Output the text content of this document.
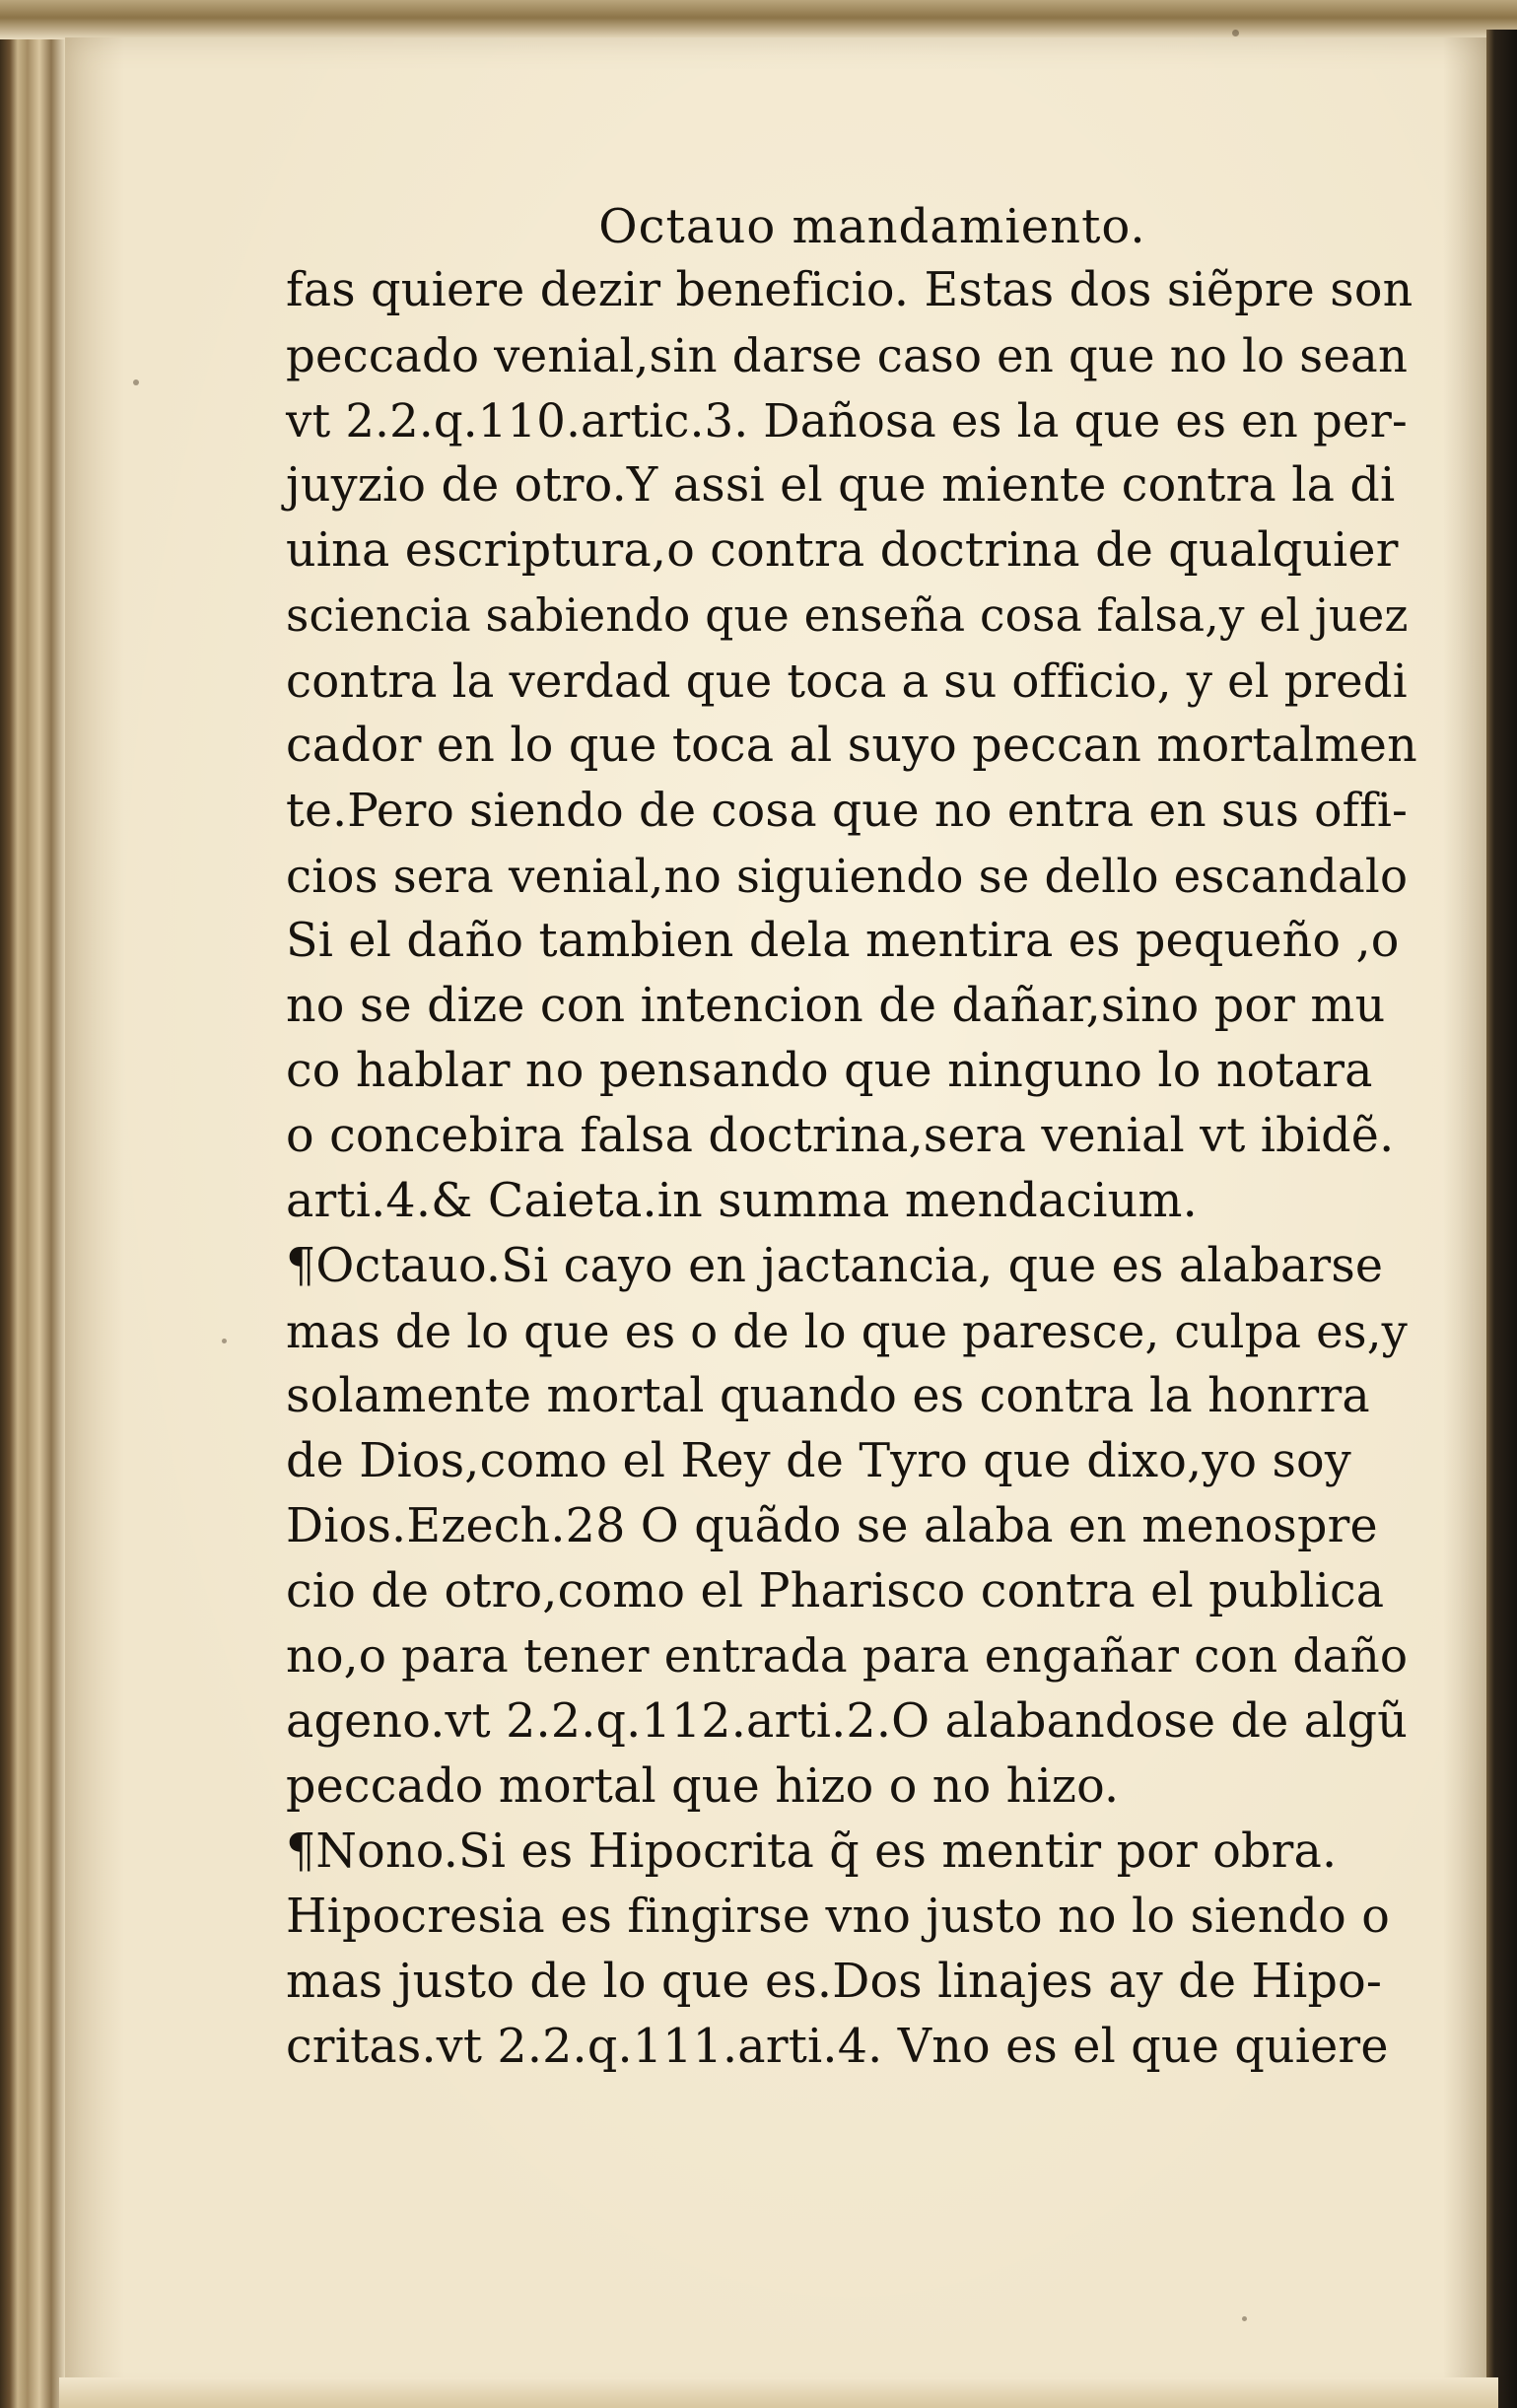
Octauo mandamiento.
fas quiere dezir beneficio. Estas dos siẽpre son
peccado venial,sin darse caso en que no lo sean
vt 2.2.q.110.artic.3. Dañosa es la que es en per-
juyzio de otro.Y assi el que miente contra la di
uina escriptura,o contra doctrina de qualquier
sciencia sabiendo que enseña cosa falsa,y el juez
contra la verdad que toca a su officio, y el predi
cador en lo que toca al suyo peccan mortalmen
te.Pero siendo de cosa que no entra en sus offi-
cios sera venial,no siguiendo se dello escandalo
Si el daño tambien dela mentira es pequeño ,o
no se dize con intencion de dañar,sino por mu
co hablar no pensando que ninguno lo notara
o concebira falsa doctrina,sera venial vt ibidẽ.
arti.4.& Caieta.in summa mendacium.
¶Octauo.Si cayo en jactancia, que es alabarse
mas de lo que es o de lo que paresce, culpa es,y
solamente mortal quando es contra la honrra
de Dios,como el Rey de Tyro que dixo,yo soy
Dios.Ezech.28 O quãdo se alaba en menospre
cio de otro,como el Pharisco contra el publica
no,o para tener entrada para engañar con daño
ageno.vt 2.2.q.112.arti.2.O alabandose de algũ
peccado mortal que hizo o no hizo.
¶Nono.Si es Hipocrita q̃ es mentir por obra.
Hipocresia es fingirse vno justo no lo siendo o
mas justo de lo que es.Dos linajes ay de Hipo-
critas.vt 2.2.q.111.arti.4. Vno es el que quiere
